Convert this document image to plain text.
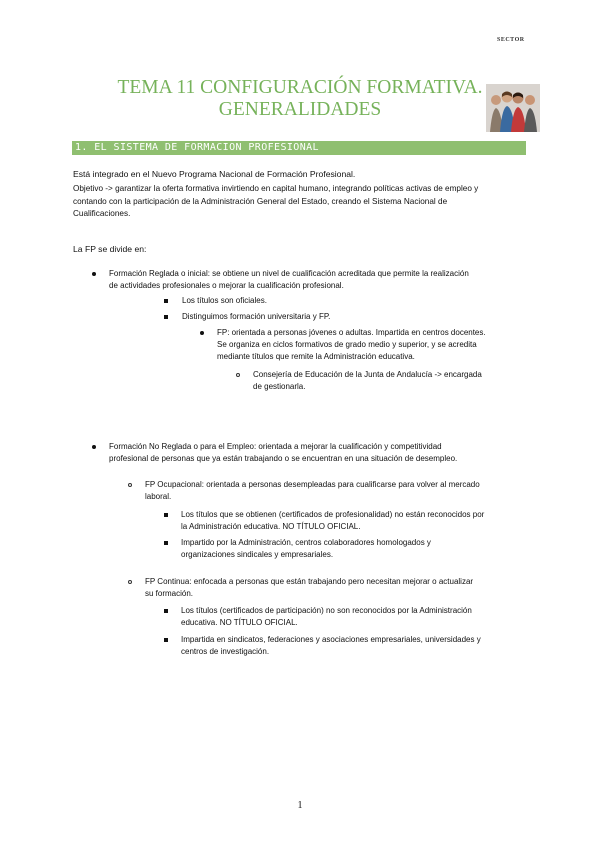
SECTOR
TEMA 11 CONFIGURACIÓN FORMATIVA.
GENERALIDADES
1. EL SISTEMA DE FORMACION PROFESIONAL
Está integrado en el Nuevo Programa Nacional de Formación Profesional.
Objetivo -> garantizar la oferta formativa invirtiendo en capital humano, integrando políticas activas de empleo y
contando con la participación de la Administración General del Estado, creando el Sistema Nacional de
Cualificaciones.
La FP se divide en:
Formación Reglada o inicial: se obtiene un nivel de cualificación acreditada que permite la realización
de actividades profesionales o mejorar la cualificación profesional.
Los títulos son oficiales.
Distinguimos formación universitaria y FP.
FP: orientada a personas jóvenes o adultas. Impartida en centros docentes.
Se organiza en ciclos formativos de grado medio y superior, y se acredita
mediante títulos que remite la Administración educativa.
Consejería de Educación de la Junta de Andalucía -> encargada
de gestionarla.
Formación No Reglada o para el Empleo: orientada a mejorar la cualificación y competitividad
profesional de personas que ya están trabajando o se encuentran en una situación de desempleo.
FP Ocupacional: orientada a personas desempleadas para cualificarse para volver al mercado
laboral.
Los títulos que se obtienen (certificados de profesionalidad) no están reconocidos por
la Administración educativa. NO TÍTULO OFICIAL.
Impartido por la Administración, centros colaboradores homologados y
organizaciones sindicales y empresariales.
FP Continua: enfocada a personas que están trabajando pero necesitan mejorar o actualizar
su formación.
Los títulos (certificados de participación) no son reconocidos por la Administración
educativa. NO TÍTULO OFICIAL.
Impartida en sindicatos, federaciones y asociaciones empresariales, universidades y
centros de investigación.
1
